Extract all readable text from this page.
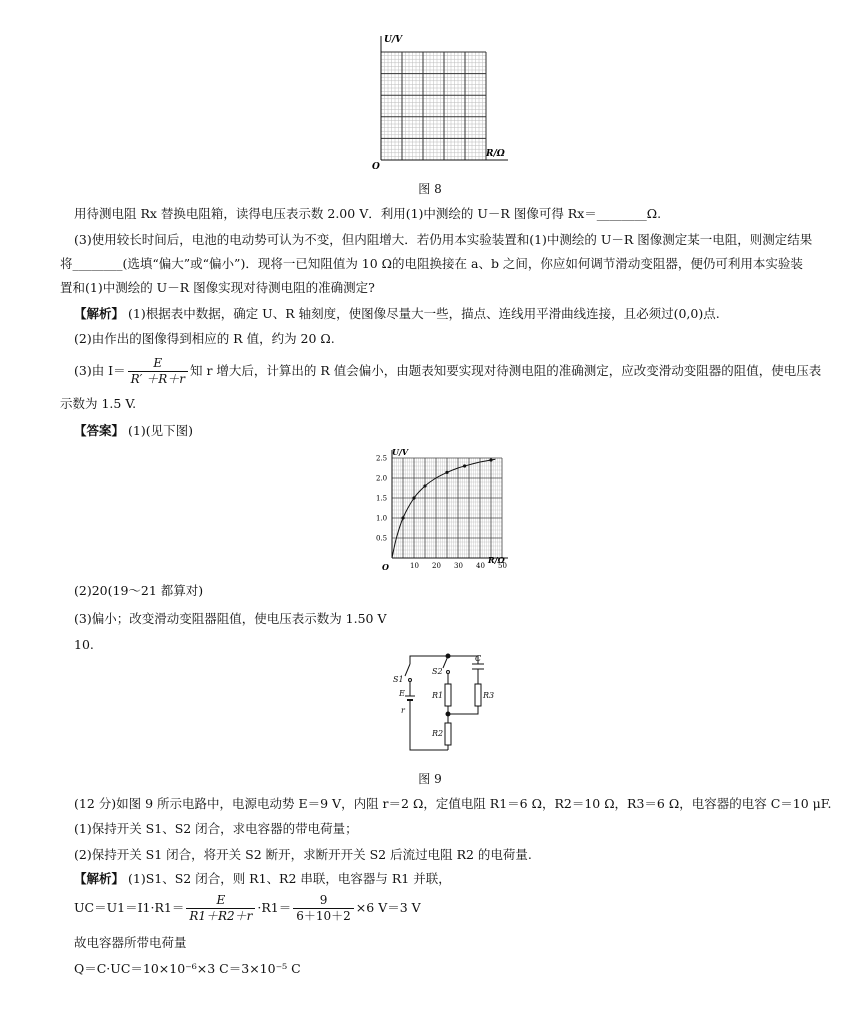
U/V
R/Ω
O
图 8
用待测电阻 Rx 替换电阻箱，读得电压表示数 2.00 V．利用(1)中测绘的 U－R 图像可得 Rx＝________Ω.
(3)使用较长时间后，电池的电动势可认为不变，但内阻增大．若仍用本实验装置和(1)中测绘的 U－R 图像测定某一电阻，则测定结果
将________(选填“偏大”或“偏小”)．现将一已知阻值为 10 Ω的电阻换接在 a、b 之间，你应如何调节滑动变阻器，便仍可利用本实验装
置和(1)中测绘的 U－R 图像实现对待测电阻的准确测定?
【解析】 (1)根据表中数据，确定 U、R 轴刻度，使图像尽量大一些，描点、连线用平滑曲线连接，且必须过(0,0)点.
(2)由作出的图像得到相应的 R 值，约为 20 Ω.
(3)由 $I= \frac{E}{R' +R+r}$ 知 r 增大后，计算出的 R 值会偏小，由题表知要实现对待测电阻的准确测定，应改变滑动变阻器的阻值，使电压表
示数为 1.5 V.
【答案】 (1)(见下图)
10 20 30 40 50
0.5
1.0
1.5
2.0
2.5
U/V
R/Ω
O
(2)20(19～21 都算对)
(3)偏小；改变滑动变阻器阻值，使电压表示数为 1.50 V
10.
S1
E
r
S2
R1
R2
C
R3
图 9
(12 分)如图 9 所示电路中，电源电动势 E＝9 V，内阻 r＝2 Ω，定值电阻 R1＝6 Ω，R2＝10 Ω，R3＝6 Ω，电容器的电容 C＝10 μF.
(1)保持开关 S1、S2 闭合，求电容器的带电荷量；
(2)保持开关 S1 闭合，将开关 S2 断开，求断开开关 S2 后流过电阻 R2 的电荷量.
【解析】 (1)S1、S2 闭合，则 R1、R2 串联，电容器与 R1 并联，
$UC=U1=I1\cdot R1= \frac{E}{R1+R2+r} \cdot R1= \frac{9}{6+10+2} \times 6$ V＝3 V
故电容器所带电荷量
Q＝C·UC＝10×10⁻⁶×3 C＝3×10⁻⁵ C
